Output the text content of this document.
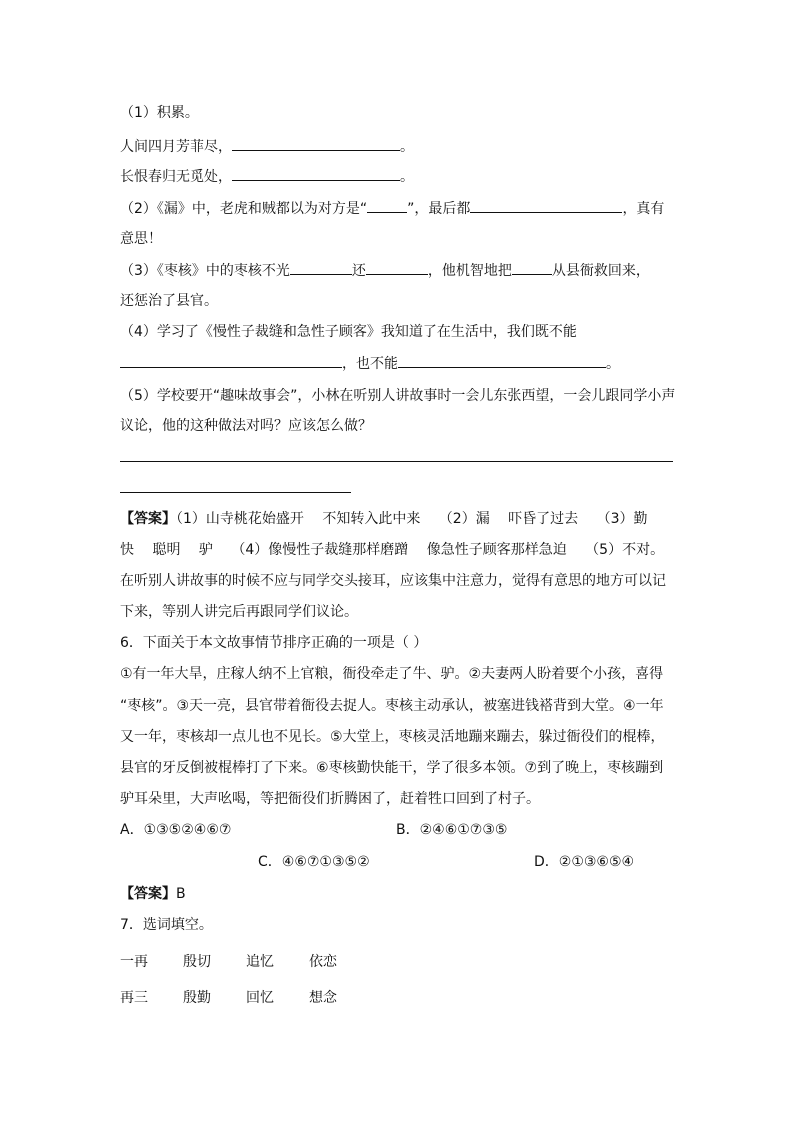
（1）积累。
人间四月芳菲尽，	。
长恨春归无觅处，	。
（2）《漏》中，老虎和贼都以为对方是“	”，最后都	，真有
意思！
（3）《枣核》中的枣核不光	还	，他机智地把	从县衙救回来，
还惩治了县官。
（4）学习了《慢性子裁缝和急性子顾客》我知道了在生活中，我们既不能
，也不能	。
（5）学校要开“趣味故事会”，小林在听别人讲故事时一会儿东张西望，一会儿跟同学小声
议论，他的这种做法对吗？应该怎么做？
【答案】（1）山寺桃花始盛开　 不知转入此中来　 （2）漏　 吓昏了过去　 （3）勤
快　 聪明　 驴　 （4）像慢性子裁缝那样磨蹭　 像急性子顾客那样急迫　 （5）不对。
在听别人讲故事的时候不应与同学交头接耳，应该集中注意力，觉得有意思的地方可以记
下来，等别人讲完后再跟同学们议论。
6．下面关于本文故事情节排序正确的一项是（ ）
①有一年大旱，庄稼人纳不上官粮，衙役牵走了牛、驴。②夫妻两人盼着要个小孩，喜得
“枣核”。③天一亮，县官带着衙役去捉人。枣核主动承认，被塞进钱褡背到大堂。④一年
又一年，枣核却一点儿也不见长。⑤大堂上，枣核灵活地蹦来蹦去，躲过衙役们的棍棒，
县官的牙反倒被棍棒打了下来。⑥枣核勤快能干，学了很多本领。⑦到了晚上，枣核蹦到
驴耳朵里，大声吆喝，等把衙役们折腾困了，赶着牲口回到了村子。
A．①③⑤②④⑥⑦	B．②④⑥①⑦③⑤
C．④⑥⑦①③⑤②	D．②①③⑥⑤④
【答案】B
7．选词填空。
一再	殷切	追忆	依恋
再三	殷勤	回忆	想念
